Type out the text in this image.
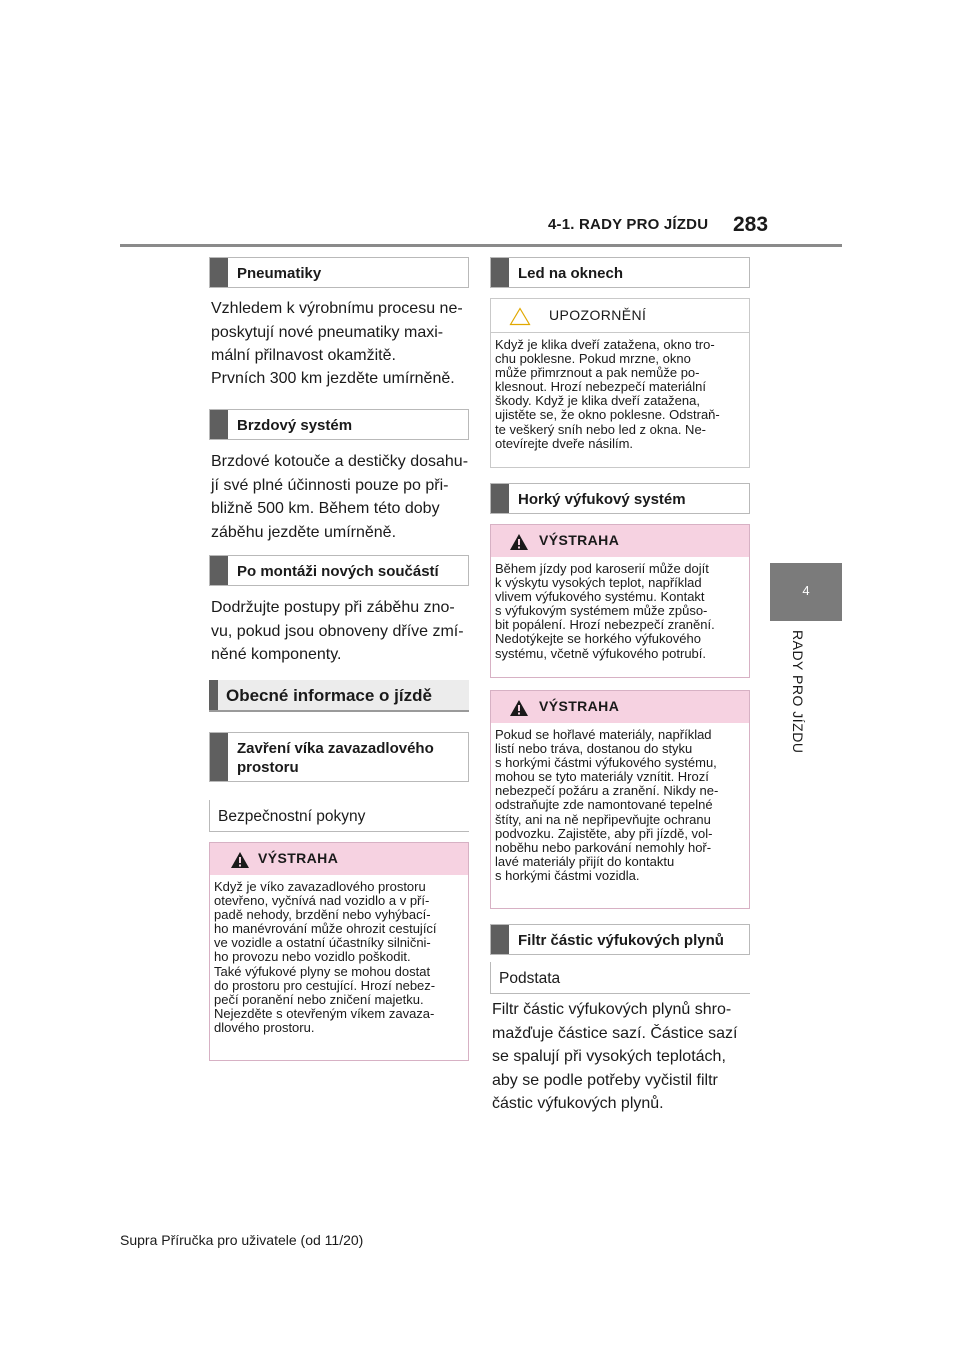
4-1. RADY PRO JÍZDU 283
4
RADY PRO JÍZDU
Pneumatiky
Vzhledem k výrobnímu procesu ne-
poskytují nové pneumatiky maxi-
mální přilnavost okamžitě.
Prvních 300 km jezděte umírněně.
Brzdový systém
Brzdové kotouče a destičky dosahu-
jí své plné účinnosti pouze po při-
bližně 500 km. Během této doby
záběhu jezděte umírněně.
Po montáži nových součástí
Dodržujte postupy při záběhu zno-
vu, pokud jsou obnoveny dříve zmí-
něné komponenty.
Obecné informace o jízdě
Zavření víka zavazadlového
prostoru
Bezpečnostní pokyny
VÝSTRAHA
Když je víko zavazadlového prostoru
otevřeno, vyčnívá nad vozidlo a v pří-
padě nehody, brzdění nebo vyhýbací-
ho manévrování může ohrozit cestující
ve vozidle a ostatní účastníky silnični-
ho provozu nebo vozidlo poškodit.
Také výfukové plyny se mohou dostat
do prostoru pro cestující. Hrozí nebez-
pečí poranění nebo zničení majetku.
Nejezděte s otevřeným víkem zavaza-
dlového prostoru.
Led na oknech
UPOZORNĚNÍ
Když je klika dveří zatažena, okno tro-
chu poklesne. Pokud mrzne, okno
může přimrznout a pak nemůže po-
klesnout. Hrozí nebezpečí materiální
škody. Když je klika dveří zatažena,
ujistěte se, že okno poklesne. Odstraň-
te veškerý sníh nebo led z okna. Ne-
otevírejte dveře násilím.
Horký výfukový systém
VÝSTRAHA
Během jízdy pod karoserií může dojít
k výskytu vysokých teplot, například
vlivem výfukového systému. Kontakt
s výfukovým systémem může způso-
bit popálení. Hrozí nebezpečí zranění.
Nedotýkejte se horkého výfukového
systému, včetně výfukového potrubí.
VÝSTRAHA
Pokud se hořlavé materiály, například
listí nebo tráva, dostanou do styku
s horkými částmi výfukového systému,
mohou se tyto materiály vznítit. Hrozí
nebezpečí požáru a zranění. Nikdy ne-
odstraňujte zde namontované tepelné
štíty, ani na ně nepřipevňujte ochranu
podvozku. Zajistěte, aby při jízdě, vol-
noběhu nebo parkování nemohly hoř-
lavé materiály přijít do kontaktu
s horkými částmi vozidla.
Filtr částic výfukových plynů
Podstata
Filtr částic výfukových plynů shro-
mažďuje částice sazí. Částice sazí
se spalují při vysokých teplotách,
aby se podle potřeby vyčistil filtr
částic výfukových plynů.
Supra Příručka pro uživatele (od 11/20)
